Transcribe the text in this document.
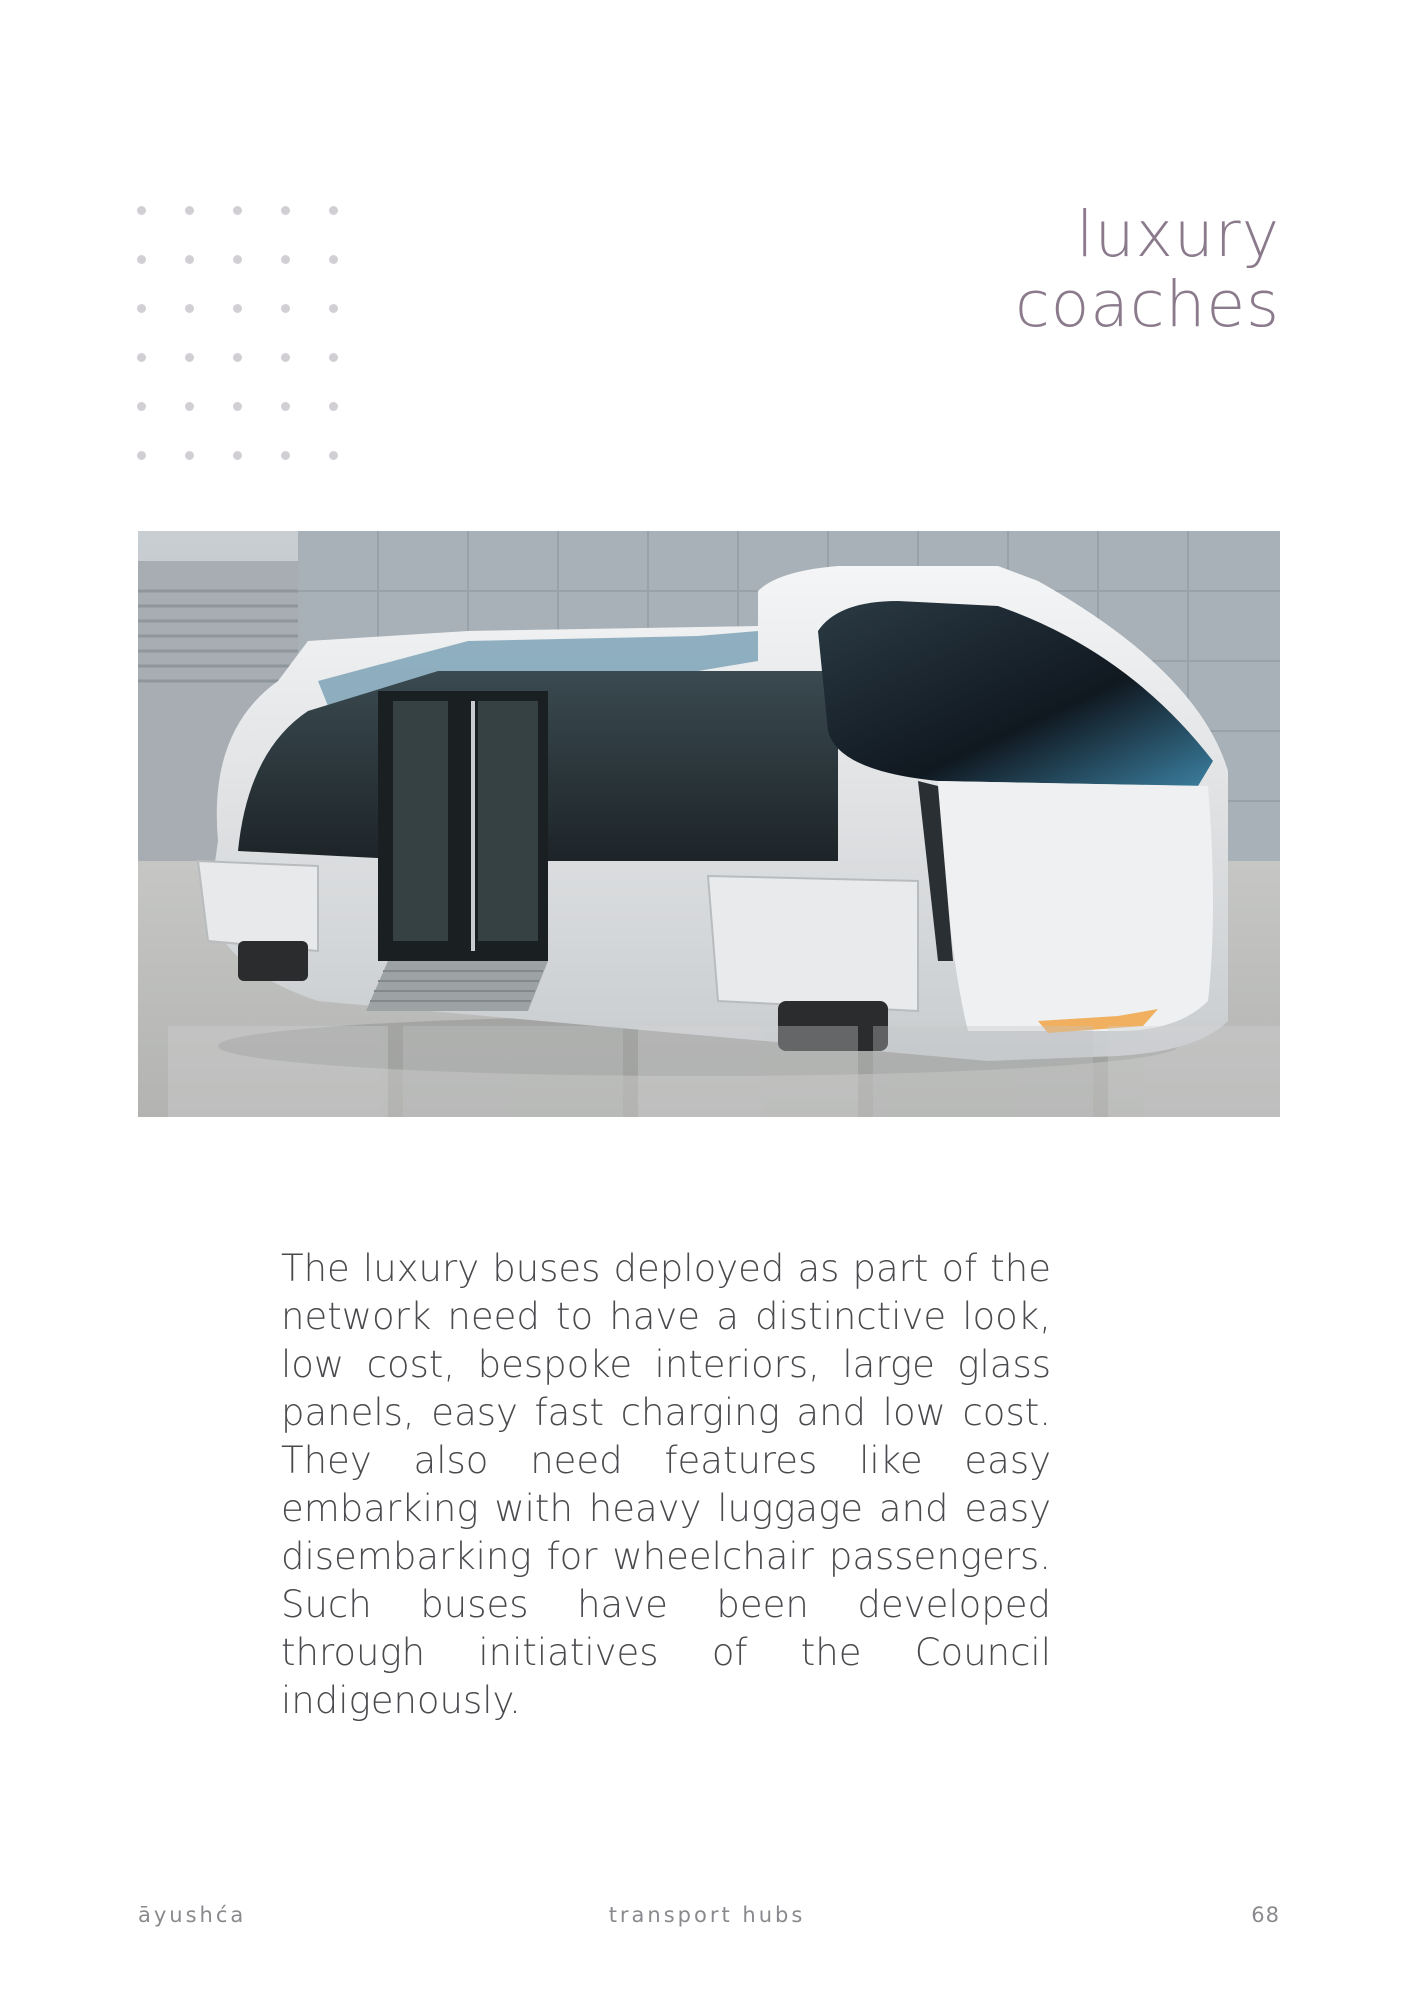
luxury
coaches

The luxury buses deployed as part of the network need to have a distinctive look, low cost, bespoke interiors, large glass panels, easy fast charging and low cost. They also need features like easy embarking with heavy luggage and easy disembarking for wheelchair passengers. Such buses have been developed through initiatives of the Council indigenously.

āyushća	transport hubs	68
